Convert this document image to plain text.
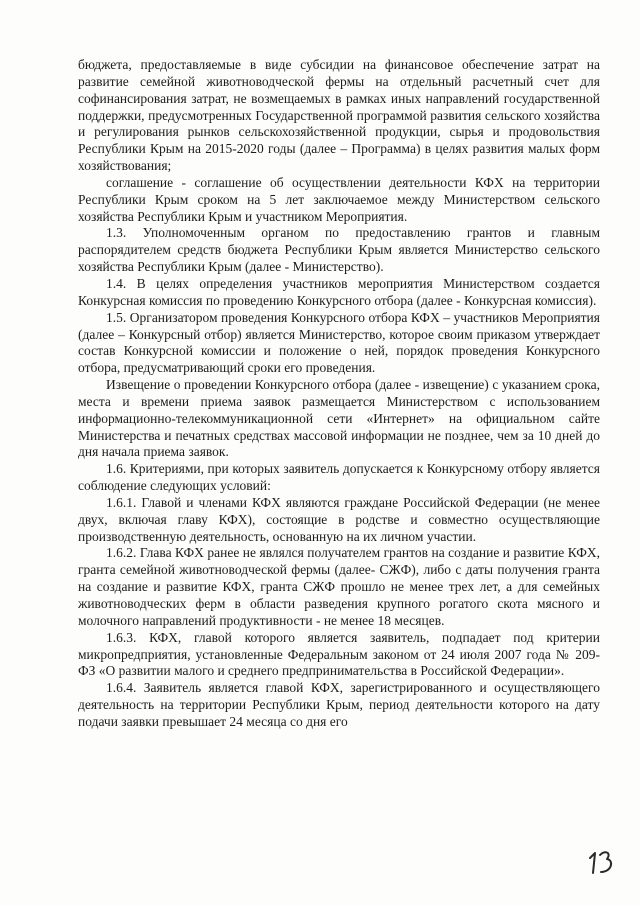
бюджета, предоставляемые в виде субсидии на финансовое обеспечение затрат на развитие семейной животноводческой фермы на отдельный расчетный счет для софинансирования затрат, не возмещаемых в рамках иных направлений государственной поддержки, предусмотренных Государственной программой развития сельского хозяйства и регулирования рынков сельскохозяйственной продукции, сырья и продовольствия Республики Крым на 2015-2020 годы (далее – Программа) в целях развития малых форм хозяйствования;

соглашение - соглашение об осуществлении деятельности КФХ на территории Республики Крым сроком на 5 лет заключаемое между Министерством сельского хозяйства Республики Крым и участником Мероприятия.

1.3. Уполномоченным органом по предоставлению грантов и главным распорядителем средств бюджета Республики Крым является Министерство сельского хозяйства Республики Крым (далее - Министерство).

1.4. В целях определения участников мероприятия Министерством создается Конкурсная комиссия по проведению Конкурсного отбора (далее - Конкурсная комиссия).

1.5. Организатором проведения Конкурсного отбора КФХ – участников Мероприятия (далее – Конкурсный отбор) является Министерство, которое своим приказом утверждает состав Конкурсной комиссии и положение о ней, порядок проведения Конкурсного отбора, предусматривающий сроки его проведения.

Извещение о проведении Конкурсного отбора (далее - извещение) с указанием срока, места и времени приема заявок размещается Министерством с использованием информационно-телекоммуникационной сети «Интернет» на официальном сайте Министерства и печатных средствах массовой информации не позднее, чем за 10 дней до дня начала приема заявок.

1.6. Критериями, при которых заявитель допускается к Конкурсному отбору является соблюдение следующих условий:

1.6.1. Главой и членами КФХ являются граждане Российской Федерации (не менее двух, включая главу КФХ), состоящие в родстве и совместно осуществляющие производственную деятельность, основанную на их личном участии.

1.6.2. Глава КФХ ранее не являлся получателем грантов на создание и развитие КФХ, гранта семейной животноводческой фермы (далее- СЖФ), либо с даты получения гранта на создание и развитие КФХ, гранта СЖФ прошло не менее трех лет, а для семейных животноводческих ферм в области разведения крупного рогатого скота мясного и молочного направлений продуктивности - не менее 18 месяцев.

1.6.3. КФХ, главой которого является заявитель, подпадает под критерии микропредприятия, установленные Федеральным законом от 24 июля 2007 года № 209-ФЗ «О развитии малого и среднего предпринимательства в Российской Федерации».

1.6.4. Заявитель является главой КФХ, зарегистрированного и осуществляющего деятельность на территории Республики Крым, период деятельности которого на дату подачи заявки превышает 24 месяца со дня его
